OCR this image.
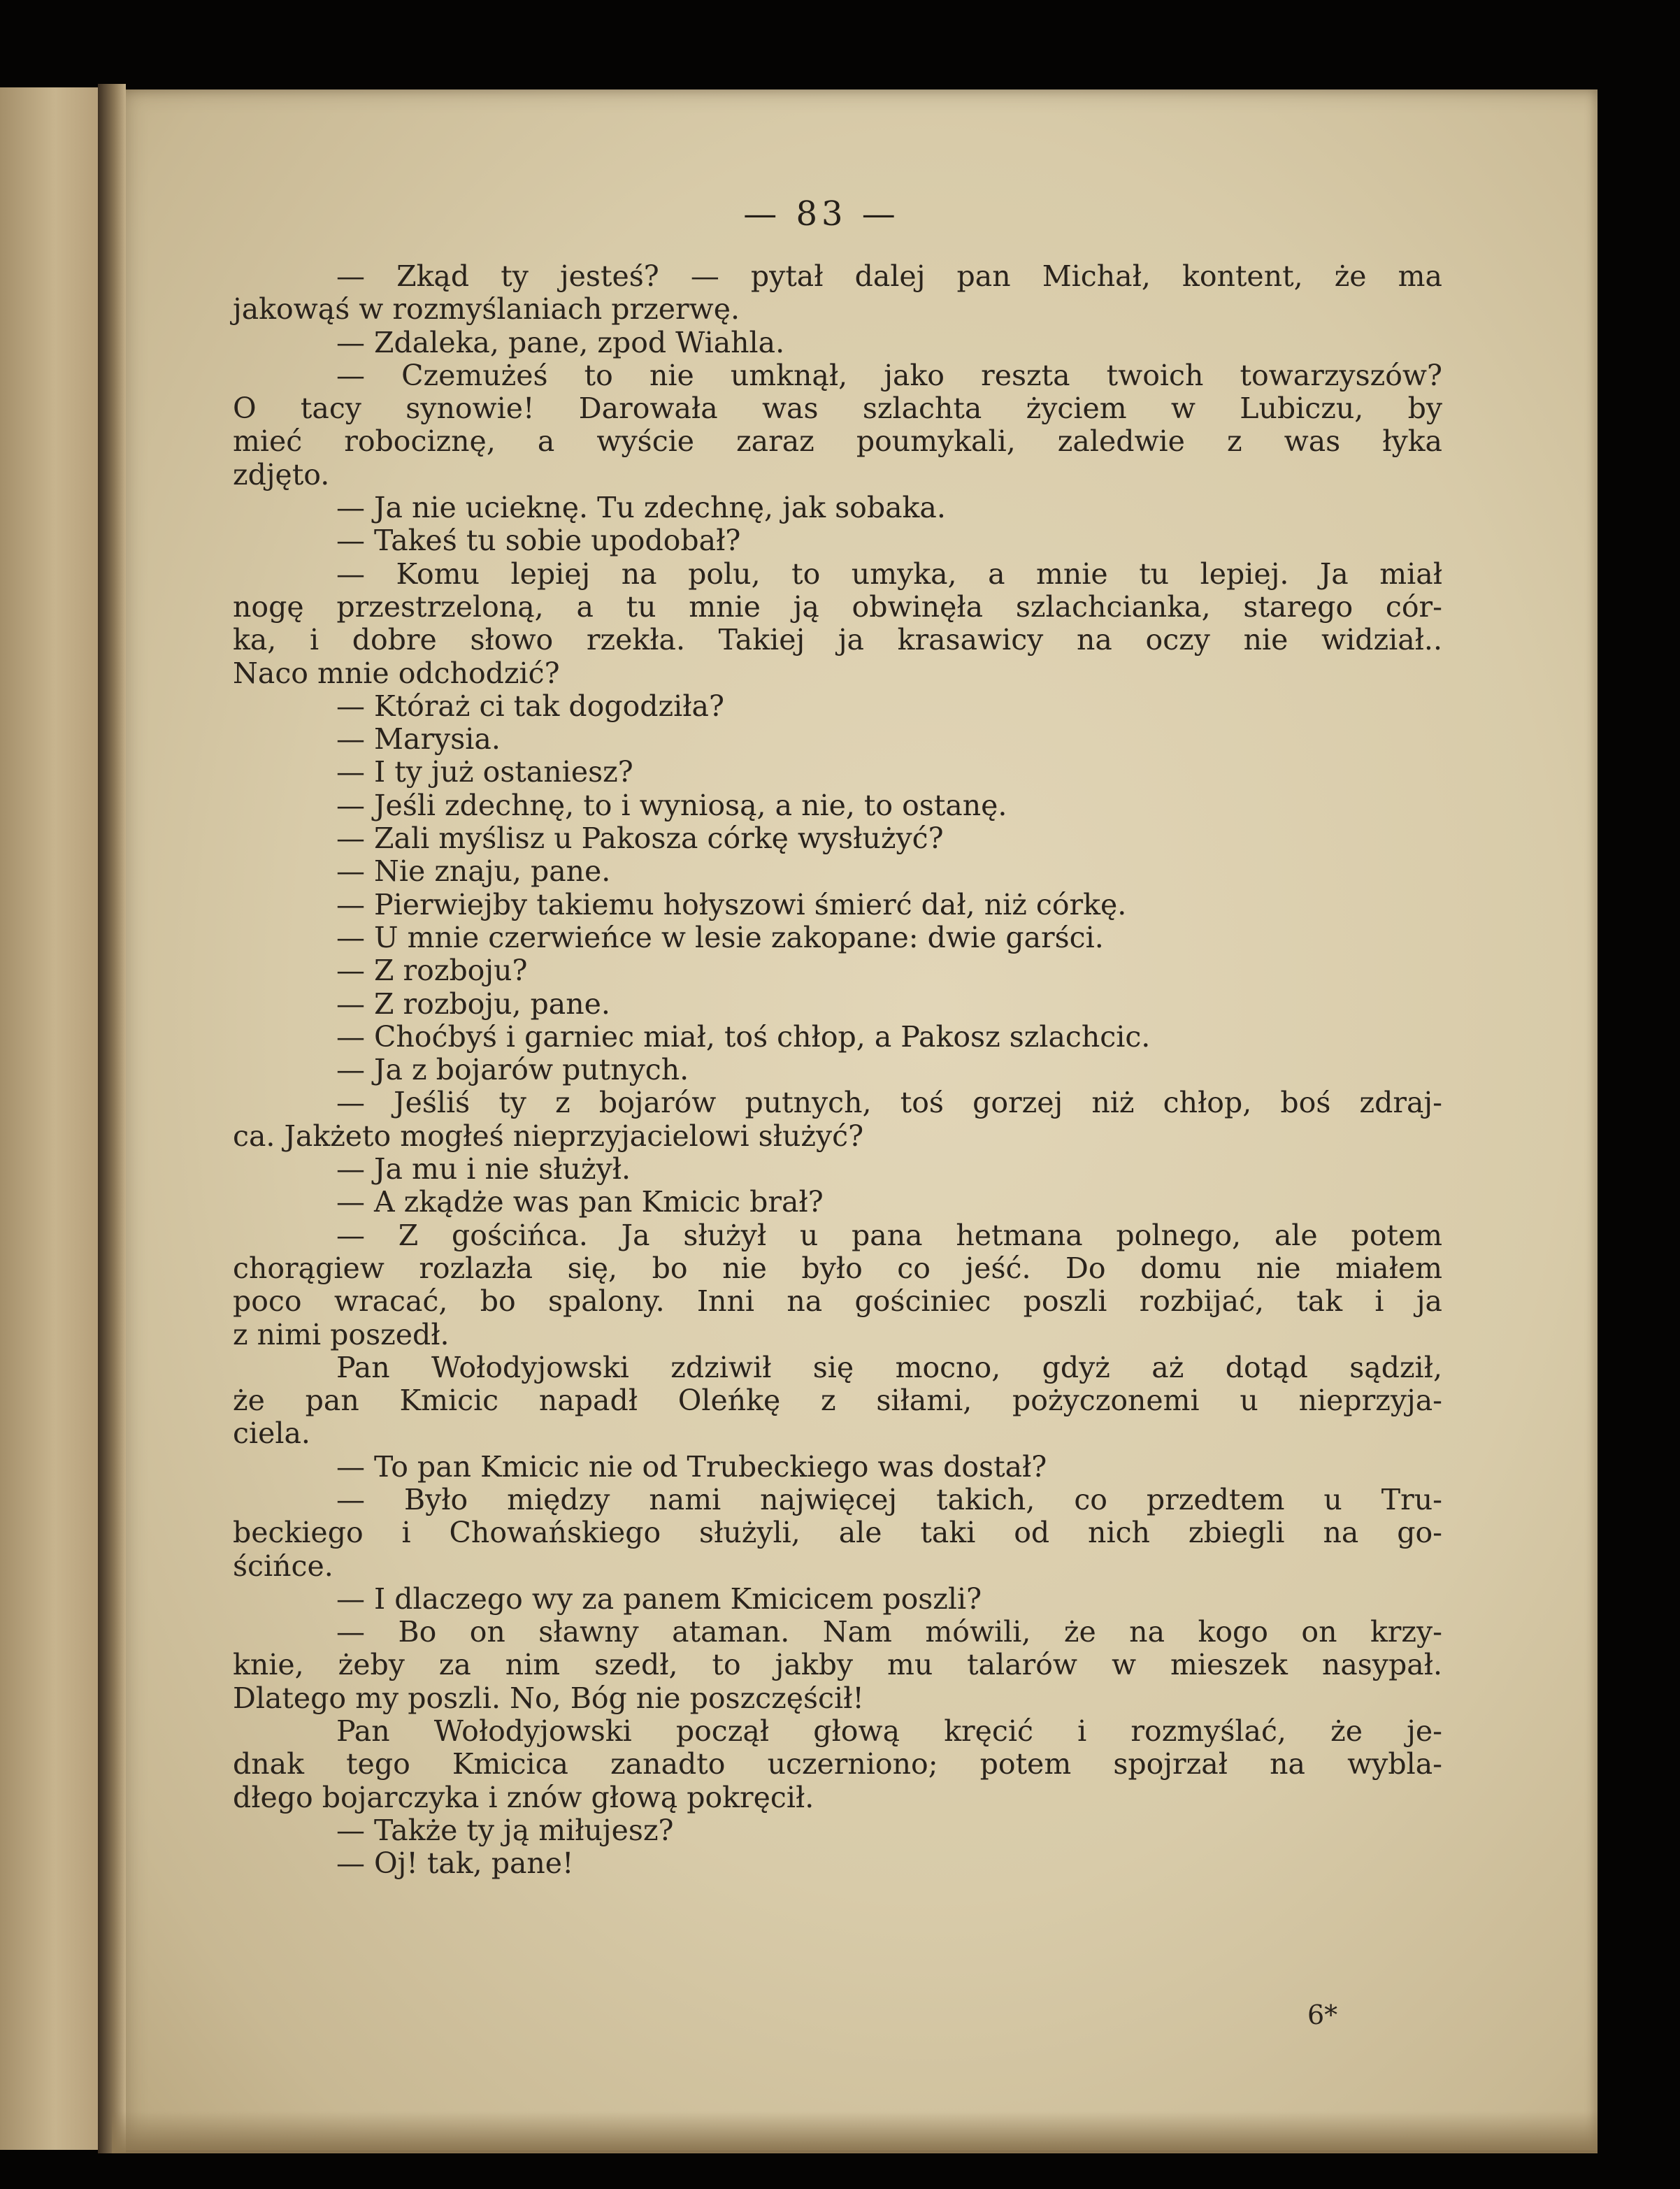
— 83 —
— Zkąd ty jesteś? — pytał dalej pan Michał, kontent, że ma
jakowąś w rozmyślaniach przerwę.
— Zdaleka, pane, zpod Wiahla.
— Czemużeś to nie umknął, jako reszta twoich towarzyszów?
O tacy synowie! Darowała was szlachta życiem w Lubiczu, by
mieć robociznę, a wyście zaraz poumykali, zaledwie z was łyka
zdjęto.
— Ja nie ucieknę. Tu zdechnę, jak sobaka.
— Takeś tu sobie upodobał?
— Komu lepiej na polu, to umyka, a mnie tu lepiej. Ja miał
nogę przestrzeloną, a tu mnie ją obwinęła szlachcianka, starego cór-
ka, i dobre słowo rzekła. Takiej ja krasawicy na oczy nie widział..
Naco mnie odchodzić?
— Któraż ci tak dogodziła?
— Marysia.
— I ty już ostaniesz?
— Jeśli zdechnę, to i wyniosą, a nie, to ostanę.
— Zali myślisz u Pakosza córkę wysłużyć?
— Nie znaju, pane.
— Pierwiejby takiemu hołyszowi śmierć dał, niż córkę.
— U mnie czerwieńce w lesie zakopane: dwie garści.
— Z rozboju?
— Z rozboju, pane.
— Choćbyś i garniec miał, toś chłop, a Pakosz szlachcic.
— Ja z bojarów putnych.
— Jeśliś ty z bojarów putnych, toś gorzej niż chłop, boś zdraj-
ca. Jakżeto mogłeś nieprzyjacielowi służyć?
— Ja mu i nie służył.
— A zkądże was pan Kmicic brał?
— Z gościńca. Ja służył u pana hetmana polnego, ale potem
chorągiew rozlazła się, bo nie było co jeść. Do domu nie miałem
poco wracać, bo spalony. Inni na gościniec poszli rozbijać, tak i ja
z nimi poszedł.
Pan Wołodyjowski zdziwił się mocno, gdyż aż dotąd sądził,
że pan Kmicic napadł Oleńkę z siłami, pożyczonemi u nieprzyja-
ciela.
— To pan Kmicic nie od Trubeckiego was dostał?
— Było między nami najwięcej takich, co przedtem u Tru-
beckiego i Chowańskiego służyli, ale taki od nich zbiegli na go-
ścińce.
— I dlaczego wy za panem Kmicicem poszli?
— Bo on sławny ataman. Nam mówili, że na kogo on krzy-
knie, żeby za nim szedł, to jakby mu talarów w mieszek nasypał.
Dlatego my poszli. No, Bóg nie poszczęścił!
Pan Wołodyjowski począł głową kręcić i rozmyślać, że je-
dnak tego Kmicica zanadto uczerniono; potem spojrzał na wybla-
dłego bojarczyka i znów głową pokręcił.
— Także ty ją miłujesz?
— Oj! tak, pane!
6*
